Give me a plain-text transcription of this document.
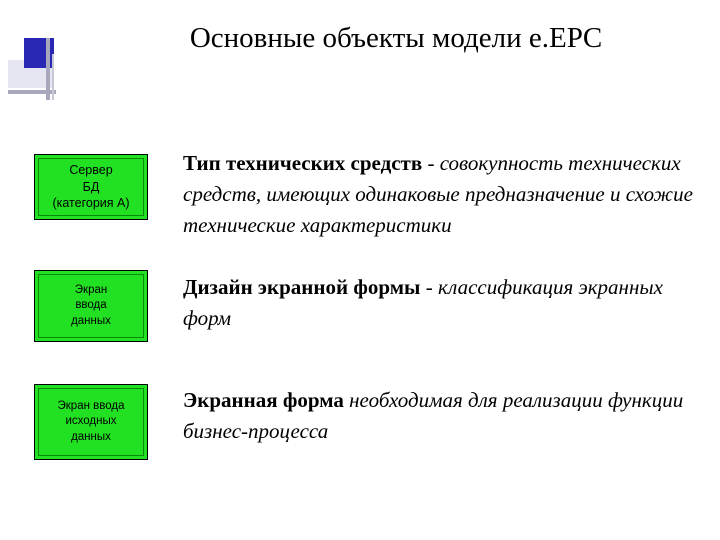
Основные объекты модели е.EPC
Сервер
БД
(категория А)
Экран
ввода
данных
Экран ввода
исходных
данных
Тип технических средств - совокупность технических средств, имеющих одинаковые предназначение и схожие технические характеристики
Дизайн экранной формы - классификация экранных форм
Экранная форма необходимая для реализации функции бизнес-процесса
